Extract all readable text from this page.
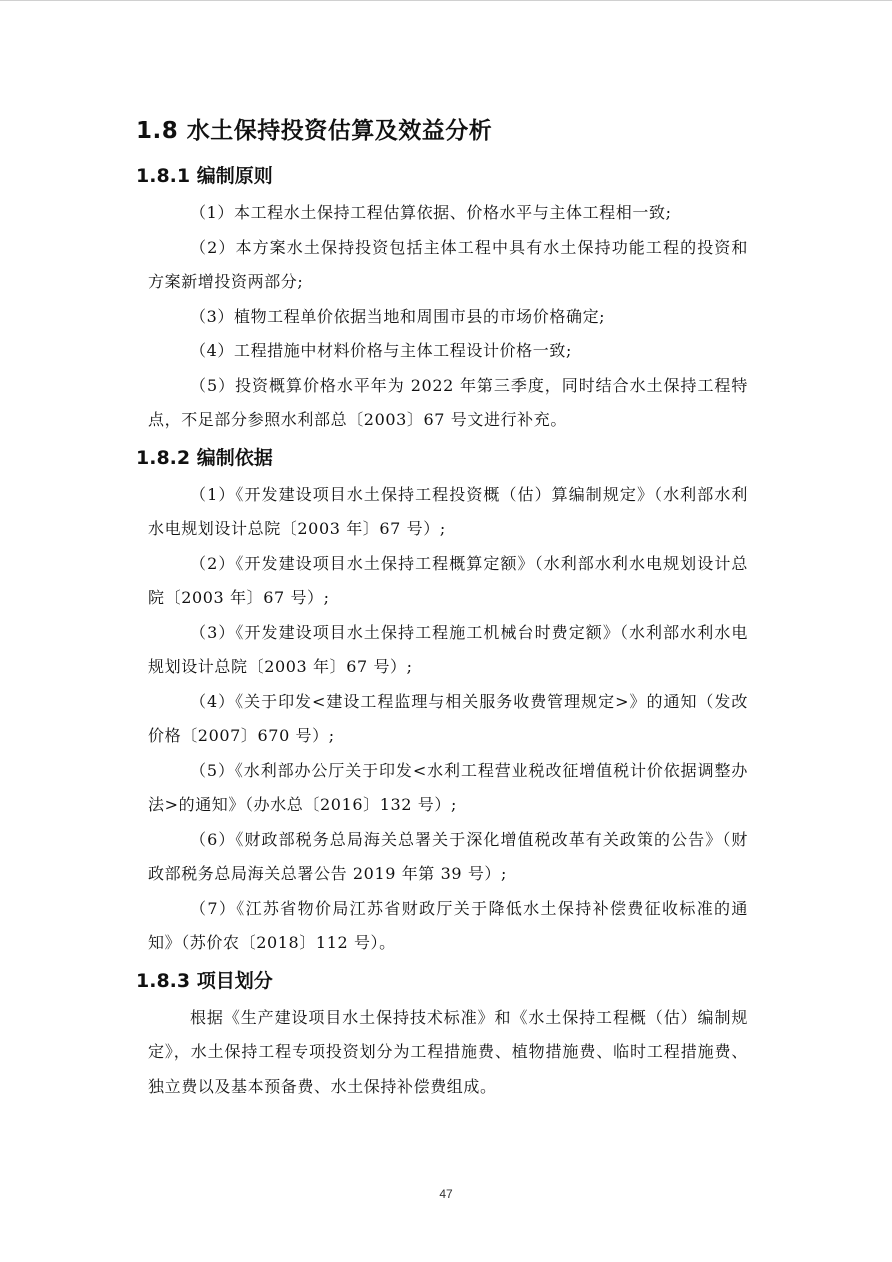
1.8 水土保持投资估算及效益分析
1.8.1 编制原则

（1）本工程水土保持工程估算依据、价格水平与主体工程相一致;

（2）本方案水土保持投资包括主体工程中具有水土保持功能工程的投资和方案新增投资两部分;

（3）植物工程单价依据当地和周围市县的市场价格确定;

（4）工程措施中材料价格与主体工程设计价格一致;

（5）投资概算价格水平年为 2022 年第三季度，同时结合水土保持工程特点，不足部分参照水利部总〔2003〕67 号文进行补充。

1.8.2 编制依据

（1）《开发建设项目水土保持工程投资概（估）算编制规定》（水利部水利水电规划设计总院〔2003 年〕67 号）;

（2）《开发建设项目水土保持工程概算定额》（水利部水利水电规划设计总院〔2003 年〕67 号）;

（3）《开发建设项目水土保持工程施工机械台时费定额》（水利部水利水电规划设计总院〔2003 年〕67 号）;

（4）《关于印发<建设工程监理与相关服务收费管理规定>》的通知（发改价格〔2007〕670 号）;

（5）《水利部办公厅关于印发<水利工程营业税改征增值税计价依据调整办法>的通知》（办水总〔2016〕132 号）;

（6）《财政部税务总局海关总署关于深化增值税改革有关政策的公告》（财政部税务总局海关总署公告 2019 年第 39 号）;

（7）《江苏省物价局江苏省财政厅关于降低水土保持补偿费征收标准的通知》（苏价农〔2018〕112 号）。

1.8.3 项目划分

根据《生产建设项目水土保持技术标准》和《水土保持工程概（估）编制规定》，水土保持工程专项投资划分为工程措施费、植物措施费、临时工程措施费、独立费以及基本预备费、水土保持补偿费组成。

47
